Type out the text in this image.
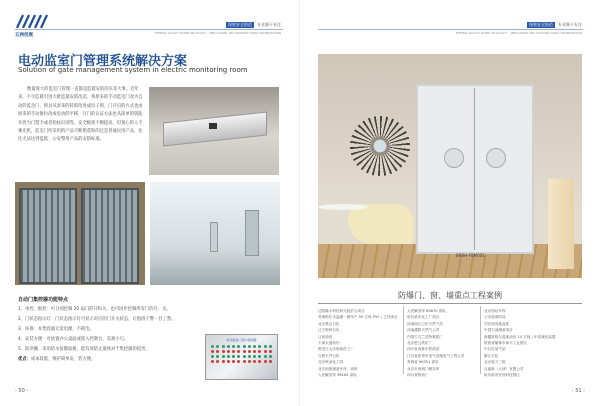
五洲创展
保密安全防范	专业源于专注
ETERNAL QUALITY BASED ON QUALITY · SPECIALIZING AND GROWING FROM CONCENTRATION
电动监室门管理系统解决方案
Solution of gate management system in electric monitoring room
数量庞大的监室门管理一直都是监狱安防的头等大事。近年来，不少监狱引进大批监狱安防改造，将原来的手动监室门改为自动的监舍门，锁具从原来的转锁改进成电子锁，门开启的方式也由原来的手动推拉改成电动的平移，开门的认证方法也从简单的钥匙开放为门禁卡或者指纹识别等。安全级别不断提高，但预心的人不乘先机，监室门所采用的产品不断堕落和的还是普通民用产品，往往无法达到监狱、公安警用产品的安防标准。
自动门集控器功能特点
1、单控、群控：可分别控制 20 扇门的开和关，也可同步控制所有门的开、关。
2、门状态指示灯：门状态指示灯可显示对应的门开关状态，让值班干警一目了然。
3、环保：本集控器无需电源，不耗电。
4、安装方便：可放置办公桌面或嵌入控制台，美观小巧。
5、防洪溅：采用防水按键面板，能有效防止液体对于集控器的侵害。
优点：成本较低、维护简单安、装方便。
电动监室门集中控制器
- 50 -
保密安全防范	专业源于专注
ETERNAL QUALITY BASED ON QUALITY · SPECIALIZING AND GROWING FROM CONCENTRATION
BRXH-FBM001
防爆门、窗、墙重点工程案例
沈阳隆丰科技研究院矿山项目
青海格尔木盐湖一期年产 50 万吨 PVC / 乙炔项目
北京燕山石化
辽宁锦州石化
辽河油田
天津大港油田
黑龙江大庆炼油化工厂
乌鲁木齐石化
北京炼油化工园
北京西苑储备车库、油库
人民解放军 96164 部队
人民解放军 63870 部队
哈尔滨市化工厂项目
河南商丘卫东天然气站
河南濮阳天然气公司
内蒙古乌兰浩特氮肥厂
北京密云铁矿厂
四川省成都市铁道部
江苏省如皋市电气设施电气工程公司
青海省 96351 部队
北京市西城门储存库
四川省炼油厂
北京西站车库
公安部消防局
司法部用地监狱
中国石油储备项目
新疆准格尔盆地油田 14 万吨 / 年常减压装置
陕西省榆林市神木工业园区
中石化加气站
镇江石化
北京航天三院
百盛新（天津）有限公司
哈尔滨市民营科技园区
- 51 -
